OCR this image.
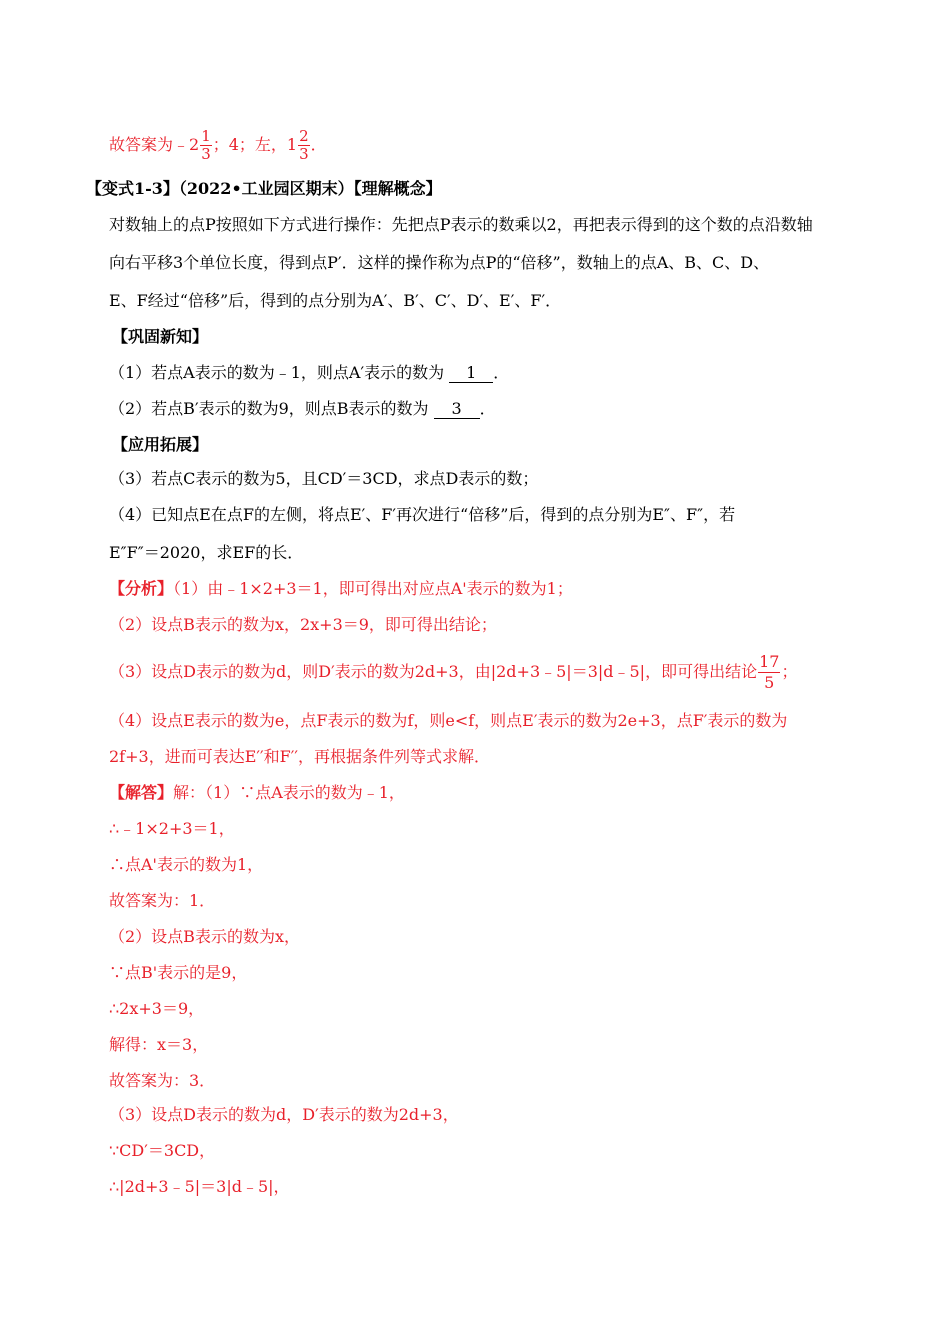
故答案为﹣2 $\frac{1}{3}$ ；4；左，$1 \frac{2}{3}$ ．
【变式1-3】（2022•工业园区期末）【理解概念】
对数轴上的点P按照如下方式进行操作：先把点P表示的数乘以2，再把表示得到的这个数的点沿数轴
向右平移3个单位长度，得到点P′．这样的操作称为点P的“倍移”，数轴上的点A、B、C、D、
E、F经过“倍移”后，得到的点分别为A′、B′、C′、D′、E′、F′．
【巩固新知】
（1）若点A表示的数为﹣1，则点A′表示的数为 1 ．
（2）若点B′表示的数为9，则点B表示的数为 3 ．
【应用拓展】
（3）若点C表示的数为5，且CD′＝3CD，求点D表示的数；
（4）已知点E在点F的左侧，将点E′、F′再次进行“倍移”后，得到的点分别为E″、F″，若
E″F″＝2020，求EF的长．
【分析】（1）由﹣1×2+3＝1，即可得出对应点A'表示的数为1；
（2）设点B表示的数为x，2x+3＝9，即可得出结论；
（3）设点D表示的数为d，则D′表示的数为2d+3，由|2d+3﹣5|＝3|d﹣5|，即可得出结论 $\frac{17}{5}$ ；
（4）设点E表示的数为e，点F表示的数为f，则e<f，则点E′表示的数为2e+3，点F′表示的数为
2f+3，进而可表达E′′和F′′，再根据条件列等式求解．
【解答】解：（1）∵点A表示的数为﹣1，
∴﹣1×2+3＝1，
∴点A'表示的数为1，
故答案为：1．
（2）设点B表示的数为x，
∵点B'表示的是9，
∴2x+3＝9，
解得：x＝3，
故答案为：3．
（3）设点D表示的数为d，D′表示的数为2d+3，
∵CD′＝3CD，
∴|2d+3﹣5|＝3|d﹣5|，
